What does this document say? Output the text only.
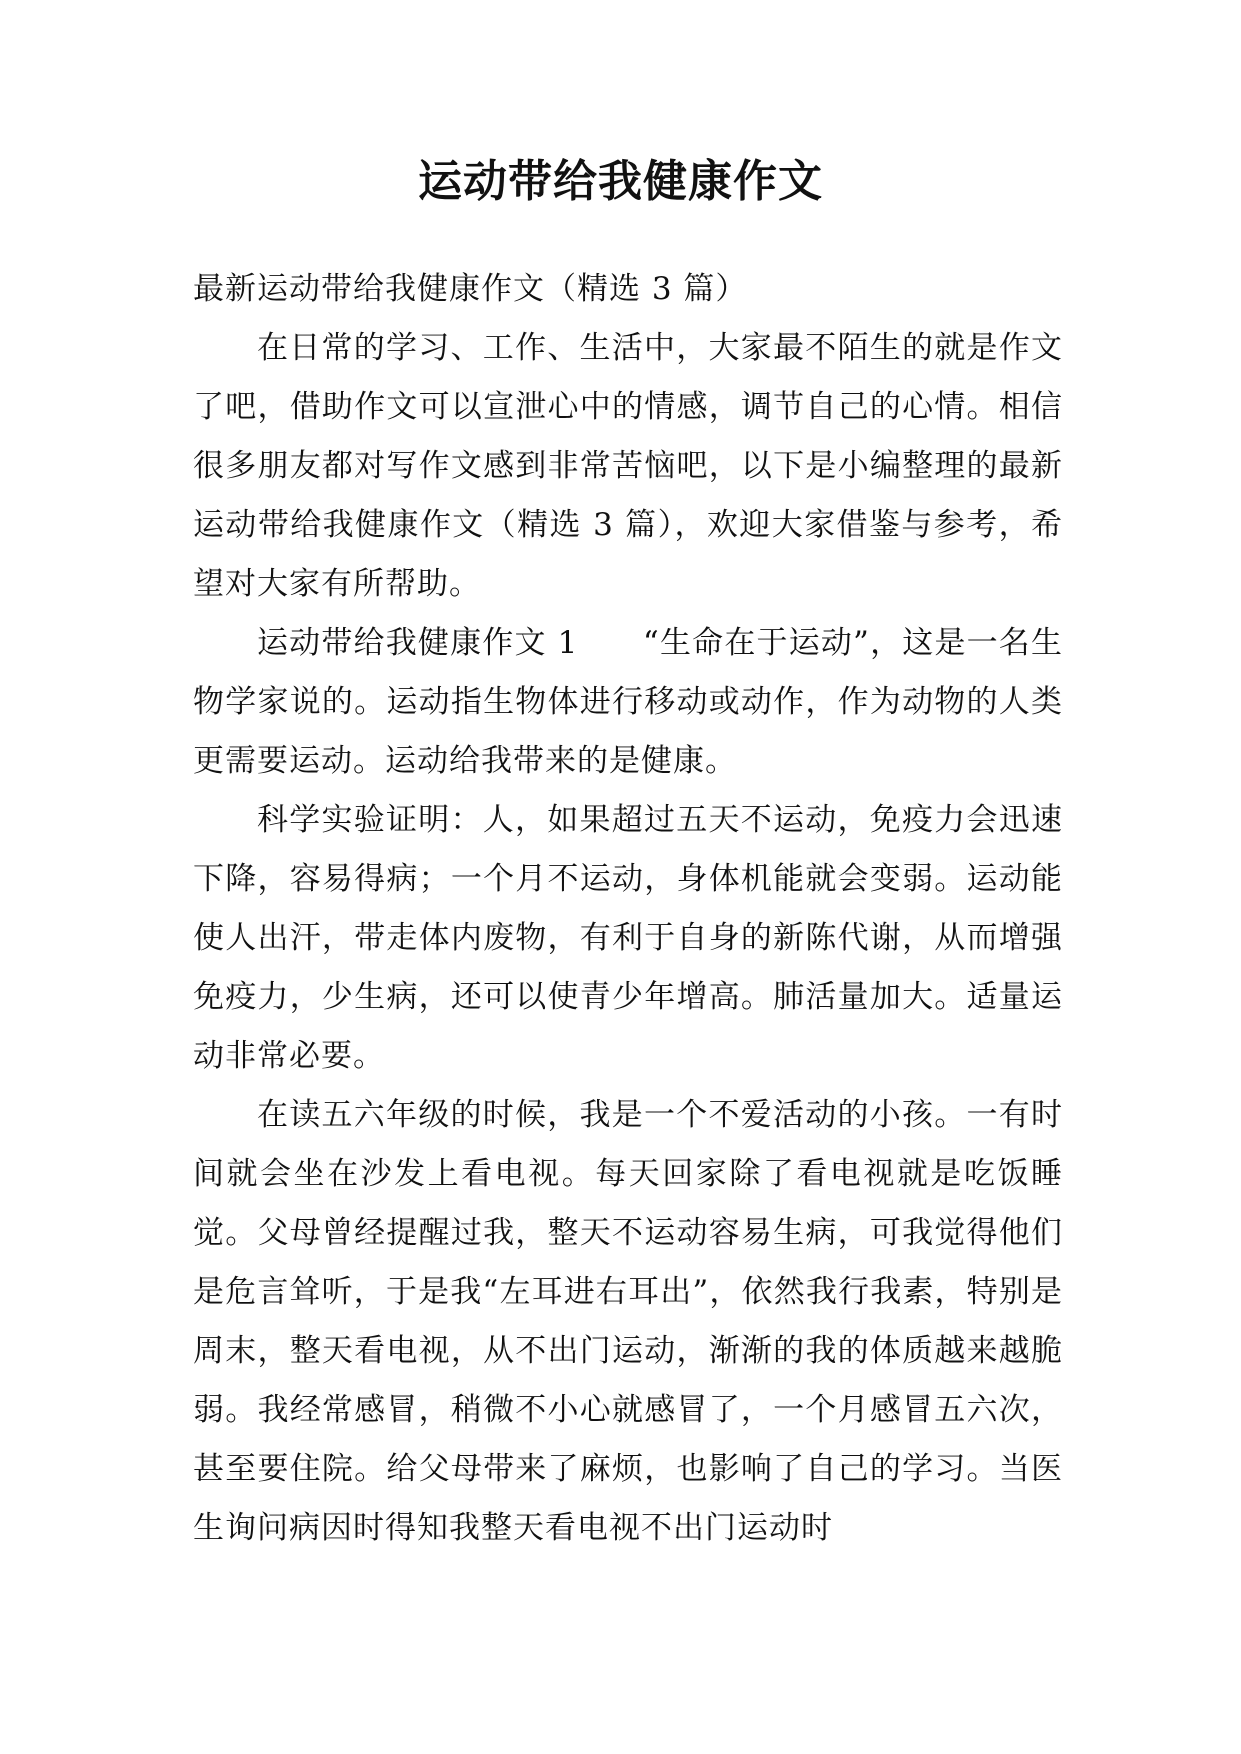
运动带给我健康作文

最新运动带给我健康作文（精选 3 篇）

在日常的学习、工作、生活中，大家最不陌生的就是作文了吧，借助作文可以宣泄心中的情感，调节自己的心情。相信很多朋友都对写作文感到非常苦恼吧，以下是小编整理的最新运动带给我健康作文（精选 3 篇），欢迎大家借鉴与参考，希望对大家有所帮助。

运动带给我健康作文 1　　“生命在于运动”，这是一名生物学家说的。运动指生物体进行移动或动作，作为动物的人类更需要运动。运动给我带来的是健康。

科学实验证明：人，如果超过五天不运动，免疫力会迅速下降，容易得病；一个月不运动，身体机能就会变弱。运动能使人出汗，带走体内废物，有利于自身的新陈代谢，从而增强免疫力，少生病，还可以使青少年增高。肺活量加大。适量运动非常必要。

在读五六年级的时候，我是一个不爱活动的小孩。一有时间就会坐在沙发上看电视。每天回家除了看电视就是吃饭睡觉。父母曾经提醒过我，整天不运动容易生病，可我觉得他们是危言耸听，于是我“左耳进右耳出”，依然我行我素，特别是周末，整天看电视，从不出门运动，渐渐的我的体质越来越脆弱。我经常感冒，稍微不小心就感冒了，一个月感冒五六次，甚至要住院。给父母带来了麻烦，也影响了自己的学习。当医生询问病因时得知我整天看电视不出门运动时
